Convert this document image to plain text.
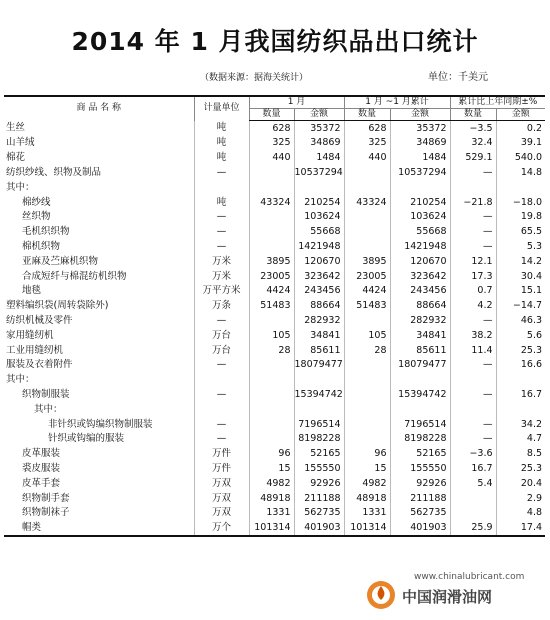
2014 年 1 月我国纺织品出口统计
（数据来源：据海关统计）	单位：千美元
商 品 名 称	计量单位	1 月		1 月 ~1 月累计		累计比上年同期±%	
		数量	金额	数量	金额	数量	金额
生丝	吨	628	35372	628	35372	−3.5	0.2
山羊绒	吨	325	34869	325	34869	32.4	39.1
棉花	吨	440	1484	440	1484	529.1	540.0
纺织纱线、织物及制品	—		10537294		10537294	—	14.8
其中：							
棉纱线	吨	43324	210254	43324	210254	−21.8	−18.0
丝织物	—		103624		103624	—	19.8
毛机织织物	—		55668		55668	—	65.5
棉机织物	—		1421948		1421948	—	5.3
亚麻及苎麻机织物	万米	3895	120670	3895	120670	12.1	14.2
合成短纤与棉混纺机织物	万米	23005	323642	23005	323642	17.3	30.4
地毯	万平方米	4424	243456	4424	243456	0.7	15.1
塑料编织袋(周转袋除外)	万条	51483	88664	51483	88664	4.2	−14.7
纺织机械及零件	—		282932		282932	—	46.3
家用缝纫机	万台	105	34841	105	34841	38.2	5.6
工业用缝纫机	万台	28	85611	28	85611	11.4	25.3
服装及衣着附件	—		18079477		18079477	—	16.6
其中：							
织物制服装	—		15394742		15394742	—	16.7
其中：							
非针织或钩编织物制服装	—		7196514		7196514	—	34.2
针织或钩编的服装	—		8198228		8198228	—	4.7
皮革服装	万件	96	52165	96	52165	−3.6	8.5
裘皮服装	万件	15	155550	15	155550	16.7	25.3
皮革手套	万双	4982	92926	4982	92926	5.4	20.4
织物制手套	万双	48918	211188	48918	211188		2.9
织物制袜子	万双	1331	562735	1331	562735		4.8
帽类	万个	101314	401903	101314	401903	25.9	17.4
www.chinalubricant.com
中国润滑油网
